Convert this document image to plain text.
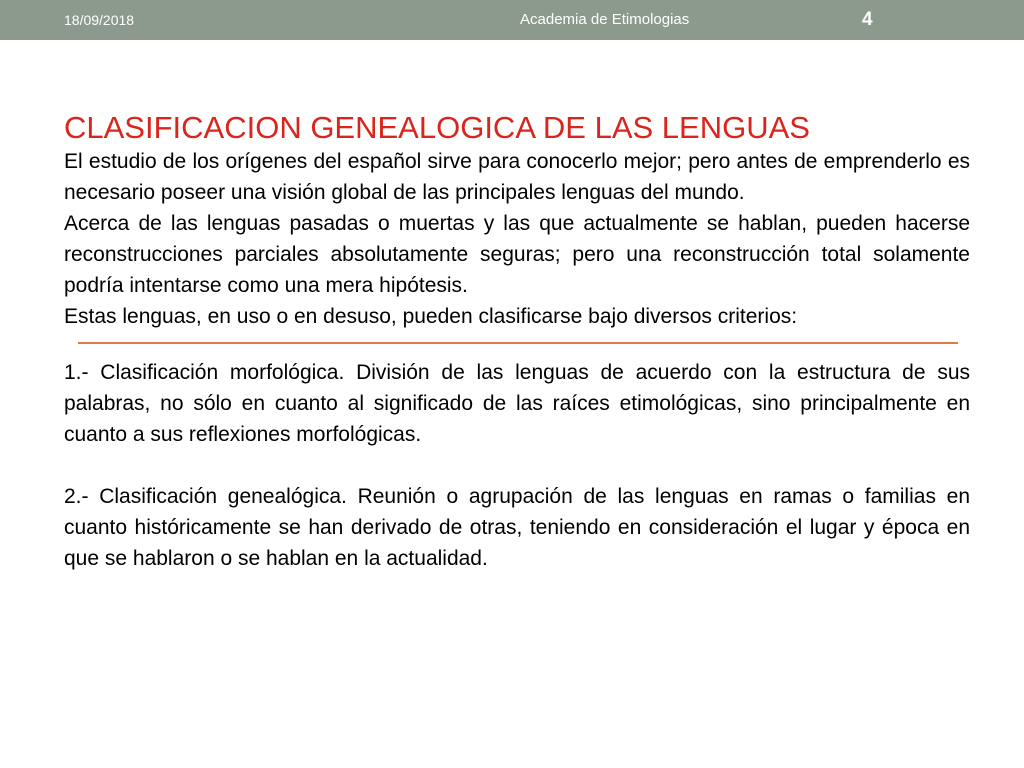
18/09/2018	Academia de Etimologias	4
CLASIFICACION GENEALOGICA DE LAS LENGUAS

El estudio de los orígenes del español sirve para conocerlo mejor; pero antes de emprenderlo es necesario poseer una visión global de las principales lenguas del mundo.

Acerca de las lenguas pasadas o muertas y las que actualmente se hablan, pueden hacerse reconstrucciones parciales absolutamente seguras; pero una reconstrucción total solamente podría intentarse como una mera hipótesis.

Estas lenguas, en uso o en desuso, pueden clasificarse bajo diversos criterios:

1.- Clasificación morfológica. División de las lenguas de acuerdo con la estructura de sus palabras, no sólo en cuanto al significado de las raíces etimológicas, sino principalmente en cuanto a sus reflexiones morfológicas.

2.- Clasificación genealógica. Reunión o agrupación de las lenguas en ramas o familias en cuanto históricamente se han derivado de otras, teniendo en consideración el lugar y época en que se hablaron o se hablan en la actualidad.
